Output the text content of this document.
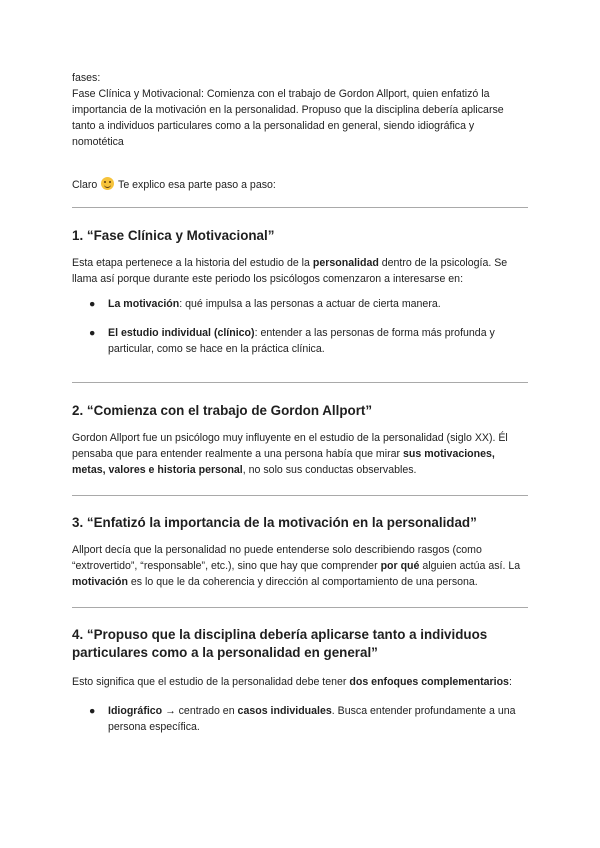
fases:

Fase Clínica y Motivacional: Comienza con el trabajo de Gordon Allport, quien enfatizó la importancia de la motivación en la personalidad. Propuso que la disciplina debería aplicarse tanto a individuos particulares como a la personalidad en general, siendo idiográfica y nomotética

Claro  Te explico esa parte paso a paso:

1. “Fase Clínica y Motivacional”

Esta etapa pertenece a la historia del estudio de la personalidad dentro de la psicología. Se llama así porque durante este periodo los psicólogos comenzaron a interesarse en:

● La motivación: qué impulsa a las personas a actuar de cierta manera.
● El estudio individual (clínico): entender a las personas de forma más profunda y particular, como se hace en la práctica clínica.
2. “Comienza con el trabajo de Gordon Allport”

Gordon Allport fue un psicólogo muy influyente en el estudio de la personalidad (siglo XX). Él pensaba que para entender realmente a una persona había que mirar sus motivaciones, metas, valores e historia personal, no solo sus conductas observables.

3. “Enfatizó la importancia de la motivación en la personalidad”

Allport decía que la personalidad no puede entenderse solo describiendo rasgos (como “extrovertido”, “responsable”, etc.), sino que hay que comprender por qué alguien actúa así. La motivación es lo que le da coherencia y dirección al comportamiento de una persona.

4. “Propuso que la disciplina debería aplicarse tanto a individuos particulares como a la personalidad en general”

Esto significa que el estudio de la personalidad debe tener dos enfoques complementarios:

● Idiográfico → centrado en casos individuales. Busca entender profundamente a una persona específica.
